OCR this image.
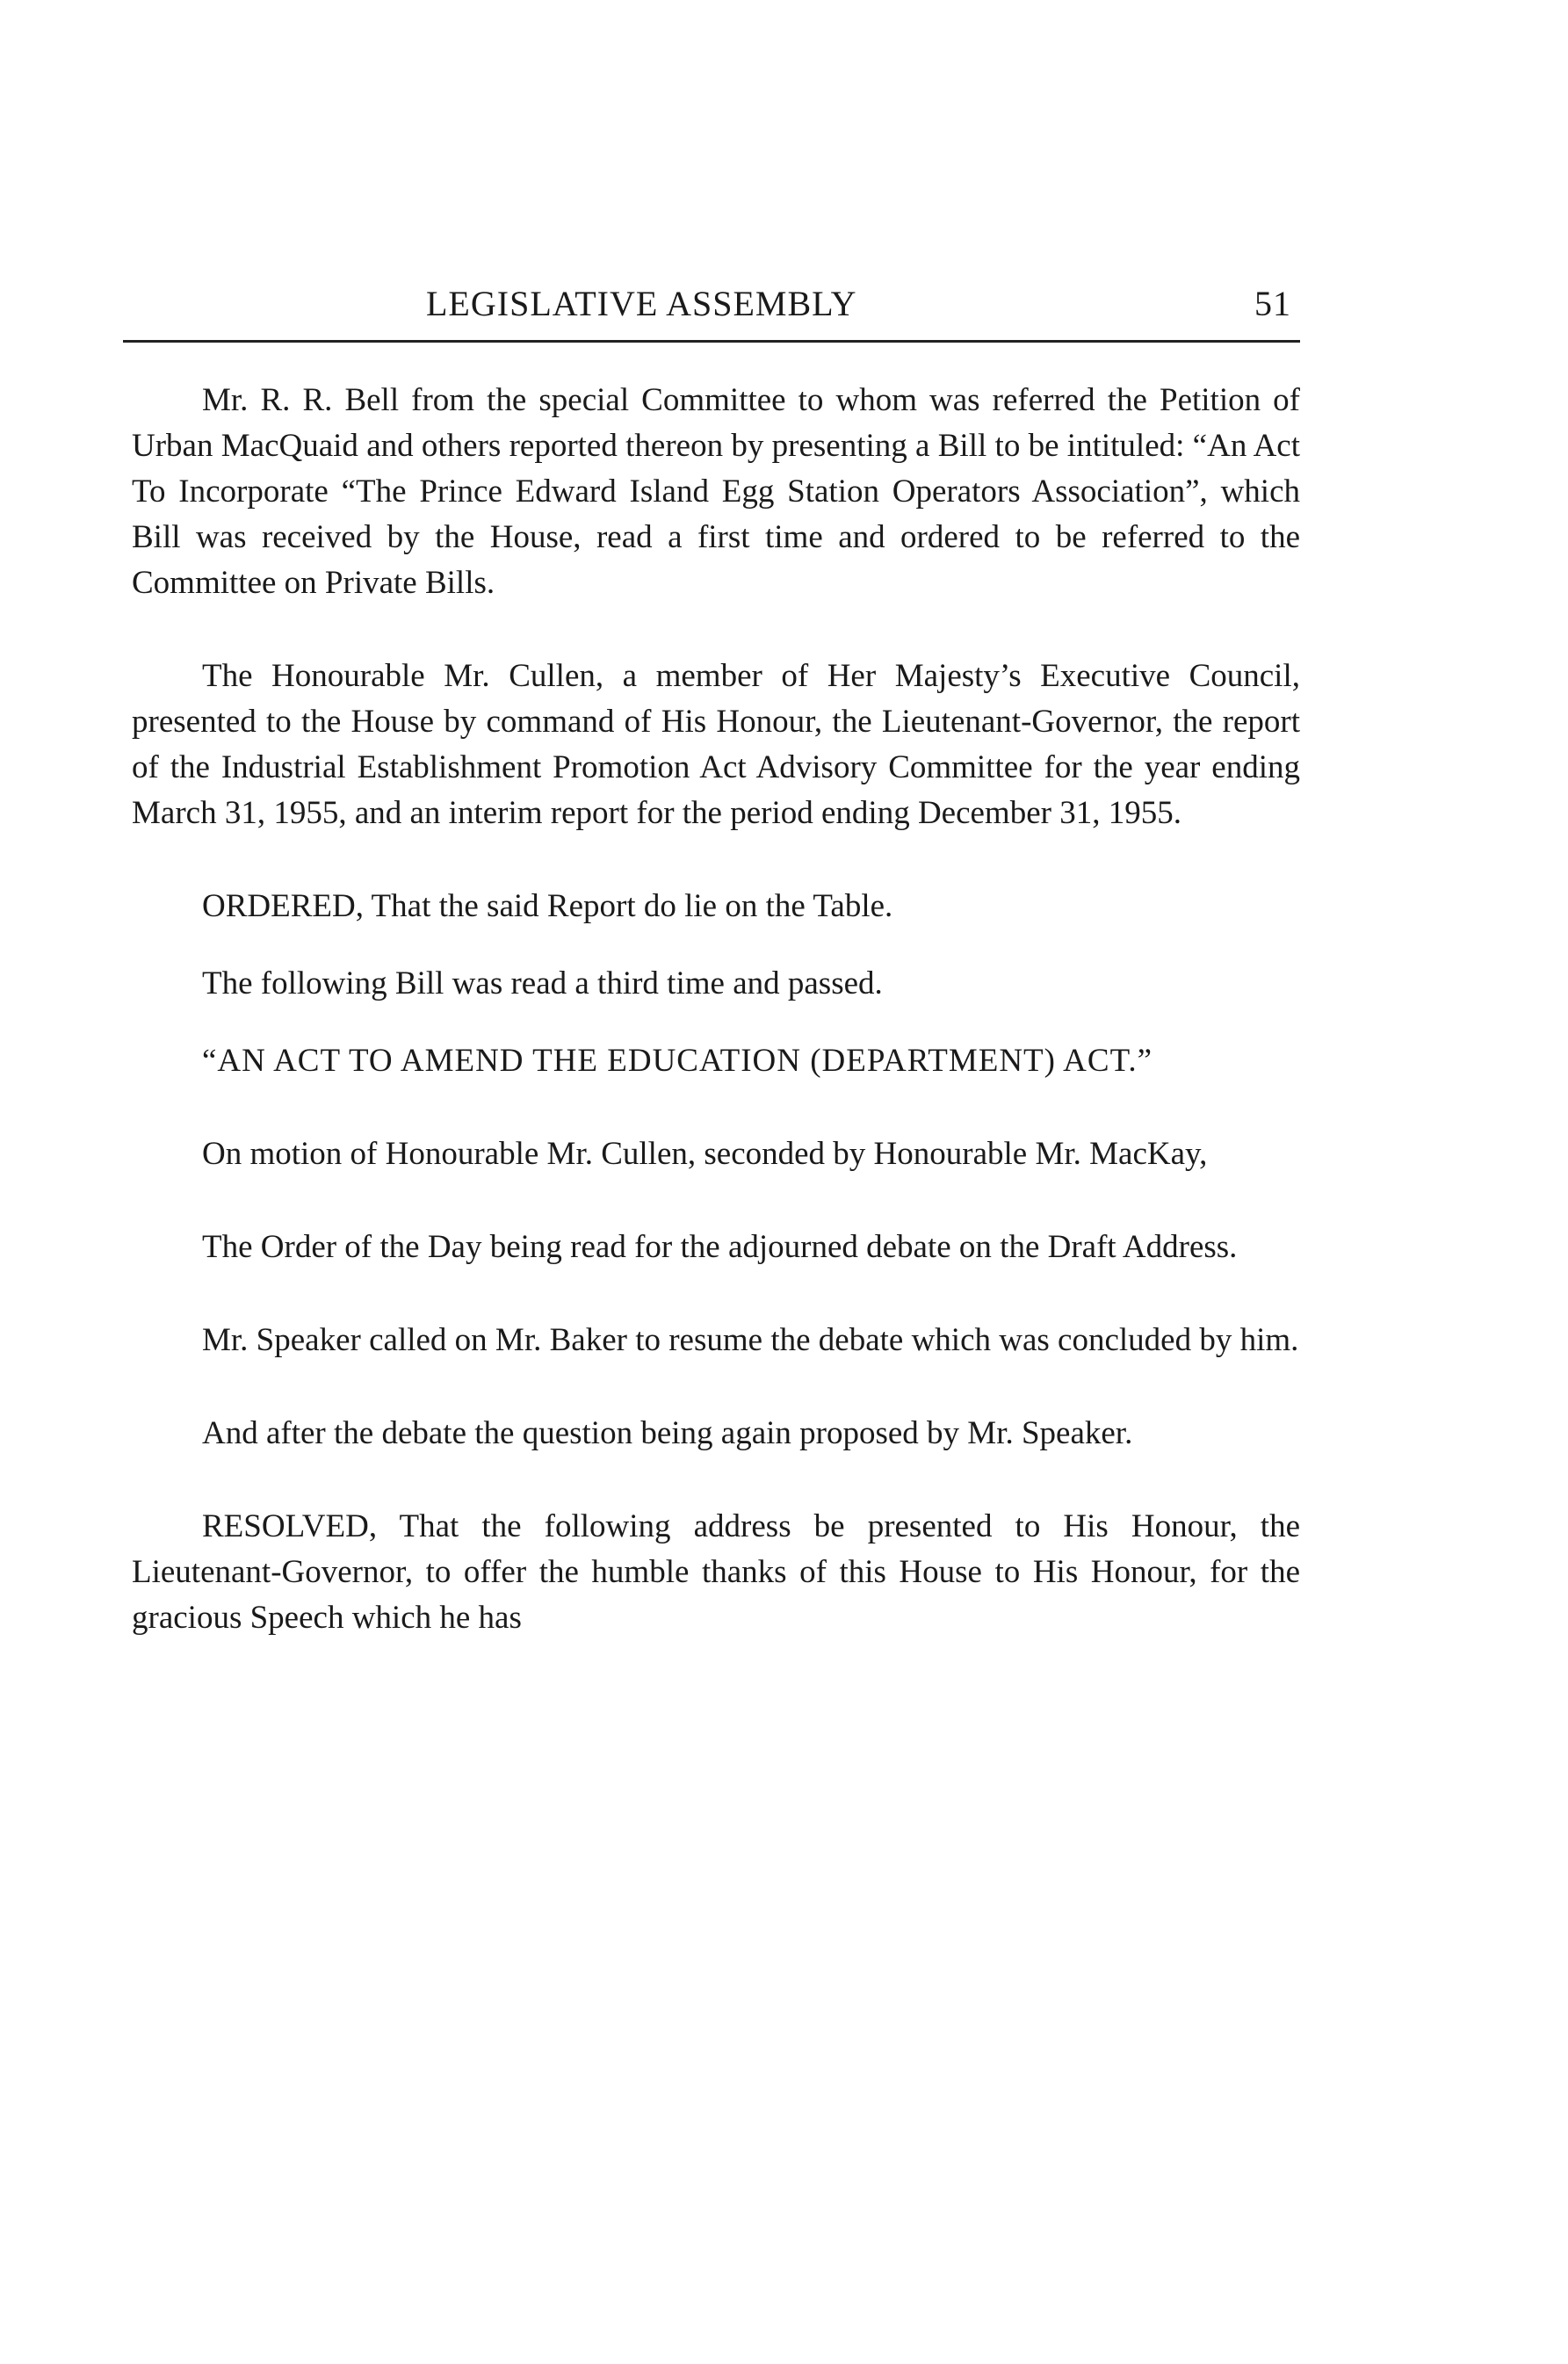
LEGISLATIVE ASSEMBLY	51

Mr. R. R. Bell from the special Committee to whom was referred the Petition of Urban MacQuaid and others reported thereon by presenting a Bill to be intituled: “An Act To Incorporate “The Prince Edward Island Egg Station Operators Association”, which Bill was received by the House, read a first time and ordered to be referred to the Committee on Private Bills.

The Honourable Mr. Cullen, a member of Her Majesty’s Executive Council, presented to the House by command of His Honour, the Lieutenant-Governor, the report of the Industrial Establishment Promotion Act Advisory Committee for the year ending March 31, 1955, and an interim report for the period ending December 31, 1955.

ORDERED, That the said Report do lie on the Table.

The following Bill was read a third time and passed.

“AN ACT TO AMEND THE EDUCATION (DEPARTMENT) ACT.”

On motion of Honourable Mr. Cullen, seconded by Honourable Mr. MacKay,

The Order of the Day being read for the adjourned debate on the Draft Address.

Mr. Speaker called on Mr. Baker to resume the debate which was concluded by him.

And after the debate the question being again proposed by Mr. Speaker.

RESOLVED, That the following address be presented to His Honour, the Lieutenant-Governor, to offer the humble thanks of this House to His Honour, for the gracious Speech which he has
